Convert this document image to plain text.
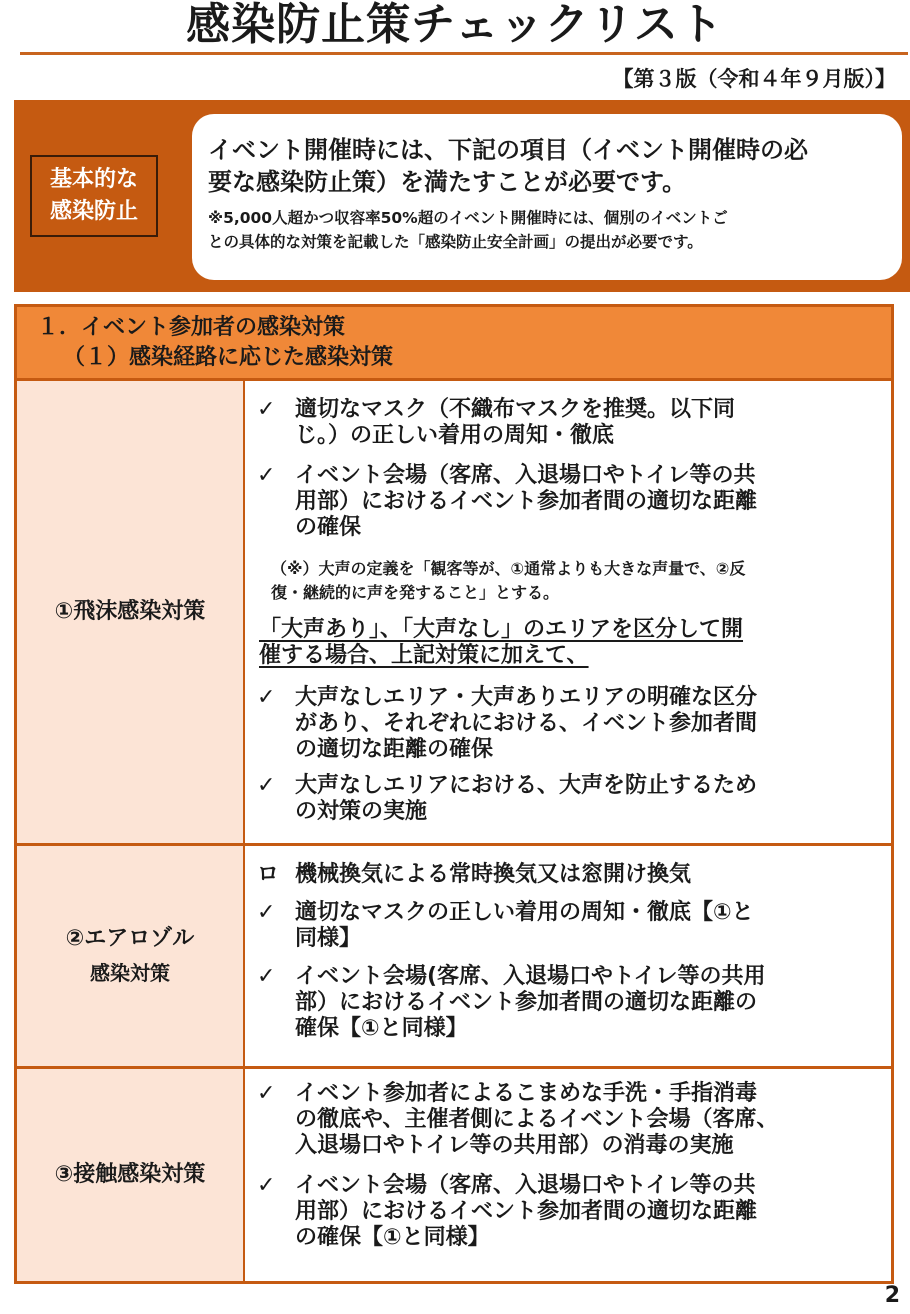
感染防止策チェックリスト
【第３版（令和４年９月版）】
基本的な
感染防止
イベント開催時には、下記の項目（イベント開催時の必
要な感染防止策）を満たすことが必要です。
※5,000人超かつ収容率50%超のイベント開催時には、個別のイベントご
との具体的な対策を記載した「感染防止安全計画」の提出が必要です。
１．イベント参加者の感染対策
（１）感染経路に応じた感染対策
①飛沫感染対策
✓ 適切なマスク（不織布マスクを推奨。以下同
じ。）の正しい着用の周知・徹底
✓ イベント会場（客席、入退場口やトイレ等の共
用部）におけるイベント参加者間の適切な距離
の確保
（※）大声の定義を「観客等が、①通常よりも大きな声量で、②反
復・継続的に声を発すること」とする。
「大声あり」、「大声なし」のエリアを区分して開
催する場合、上記対策に加えて、
✓ 大声なしエリア・大声ありエリアの明確な区分
があり、それぞれにおける、イベント参加者間
の適切な距離の確保
✓ 大声なしエリアにおける、大声を防止するため
の対策の実施
②エアロゾル
感染対策
ロ 機械換気による常時換気又は窓開け換気
✓ 適切なマスクの正しい着用の周知・徹底【①と
同様】
✓ イベント会場(客席、入退場口やトイレ等の共用
部）におけるイベント参加者間の適切な距離の
確保【①と同様】
③接触感染対策
✓ イベント参加者によるこまめな手洗・手指消毒
の徹底や、主催者側によるイベント会場（客席、
入退場口やトイレ等の共用部）の消毒の実施
✓ イベント会場（客席、入退場口やトイレ等の共
用部）におけるイベント参加者間の適切な距離
の確保【①と同様】
2
